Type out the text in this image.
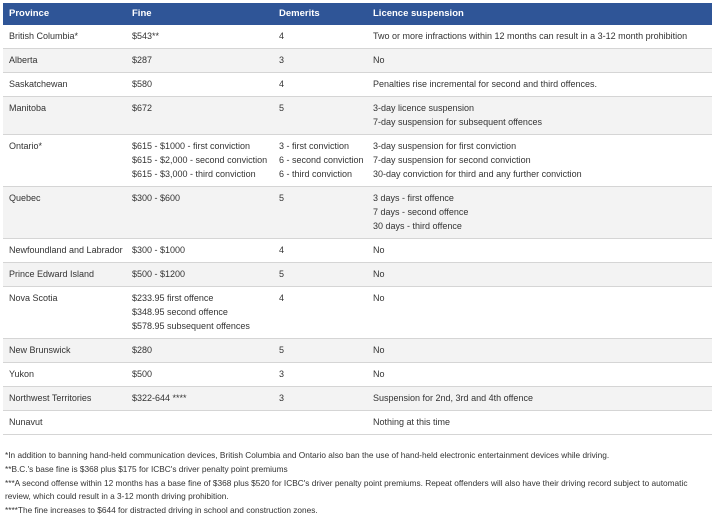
Province	Fine	Demerits	Licence suspension

British Columbia*	$543**	4	Two or more infractions within 12 months can result in a 3-12 month prohibition

Alberta	$287	3	No

Saskatchewan	$580	4	Penalties rise incremental for second and third offences.

Manitoba	$672	5	3-day licence suspension
7-day suspension for subsequent offences

Ontario*	$615 - $1000 - first conviction
$615 - $2,000 - second conviction
$615 - $3,000 - third conviction	3 - first conviction
6 - second conviction
6 - third conviction	3-day suspension for first conviction
7-day suspension for second conviction
30-day conviction for third and any further conviction

Quebec	$300 - $600	5	3 days - first offence
7 days - second offence
30 days - third offence

Newfoundland and Labrador	$300 - $1000	4	No

Prince Edward Island	$500 - $1200	5	No

Nova Scotia	$233.95 first offence
$348.95 second offence
$578.95 subsequent offences	4	No

New Brunswick	$280	5	No

Yukon	$500	3	No

Northwest Territories	$322-644 ****	3	Suspension for 2nd, 3rd and 4th offence

Nunavut			Nothing at this time
*In addition to banning hand-held communication devices, British Columbia and Ontario also ban the use of hand-held electronic entertainment devices while driving.
**B.C.'s base fine is $368 plus $175 for ICBC's driver penalty point premiums
***A second offense within 12 months has a base fine of $368 plus $520 for ICBC's driver penalty point premiums. Repeat offenders will also have their driving record subject to automatic review, which could result in a 3-12 month driving prohibition.
****The fine increases to $644 for distracted driving in school and construction zones.
